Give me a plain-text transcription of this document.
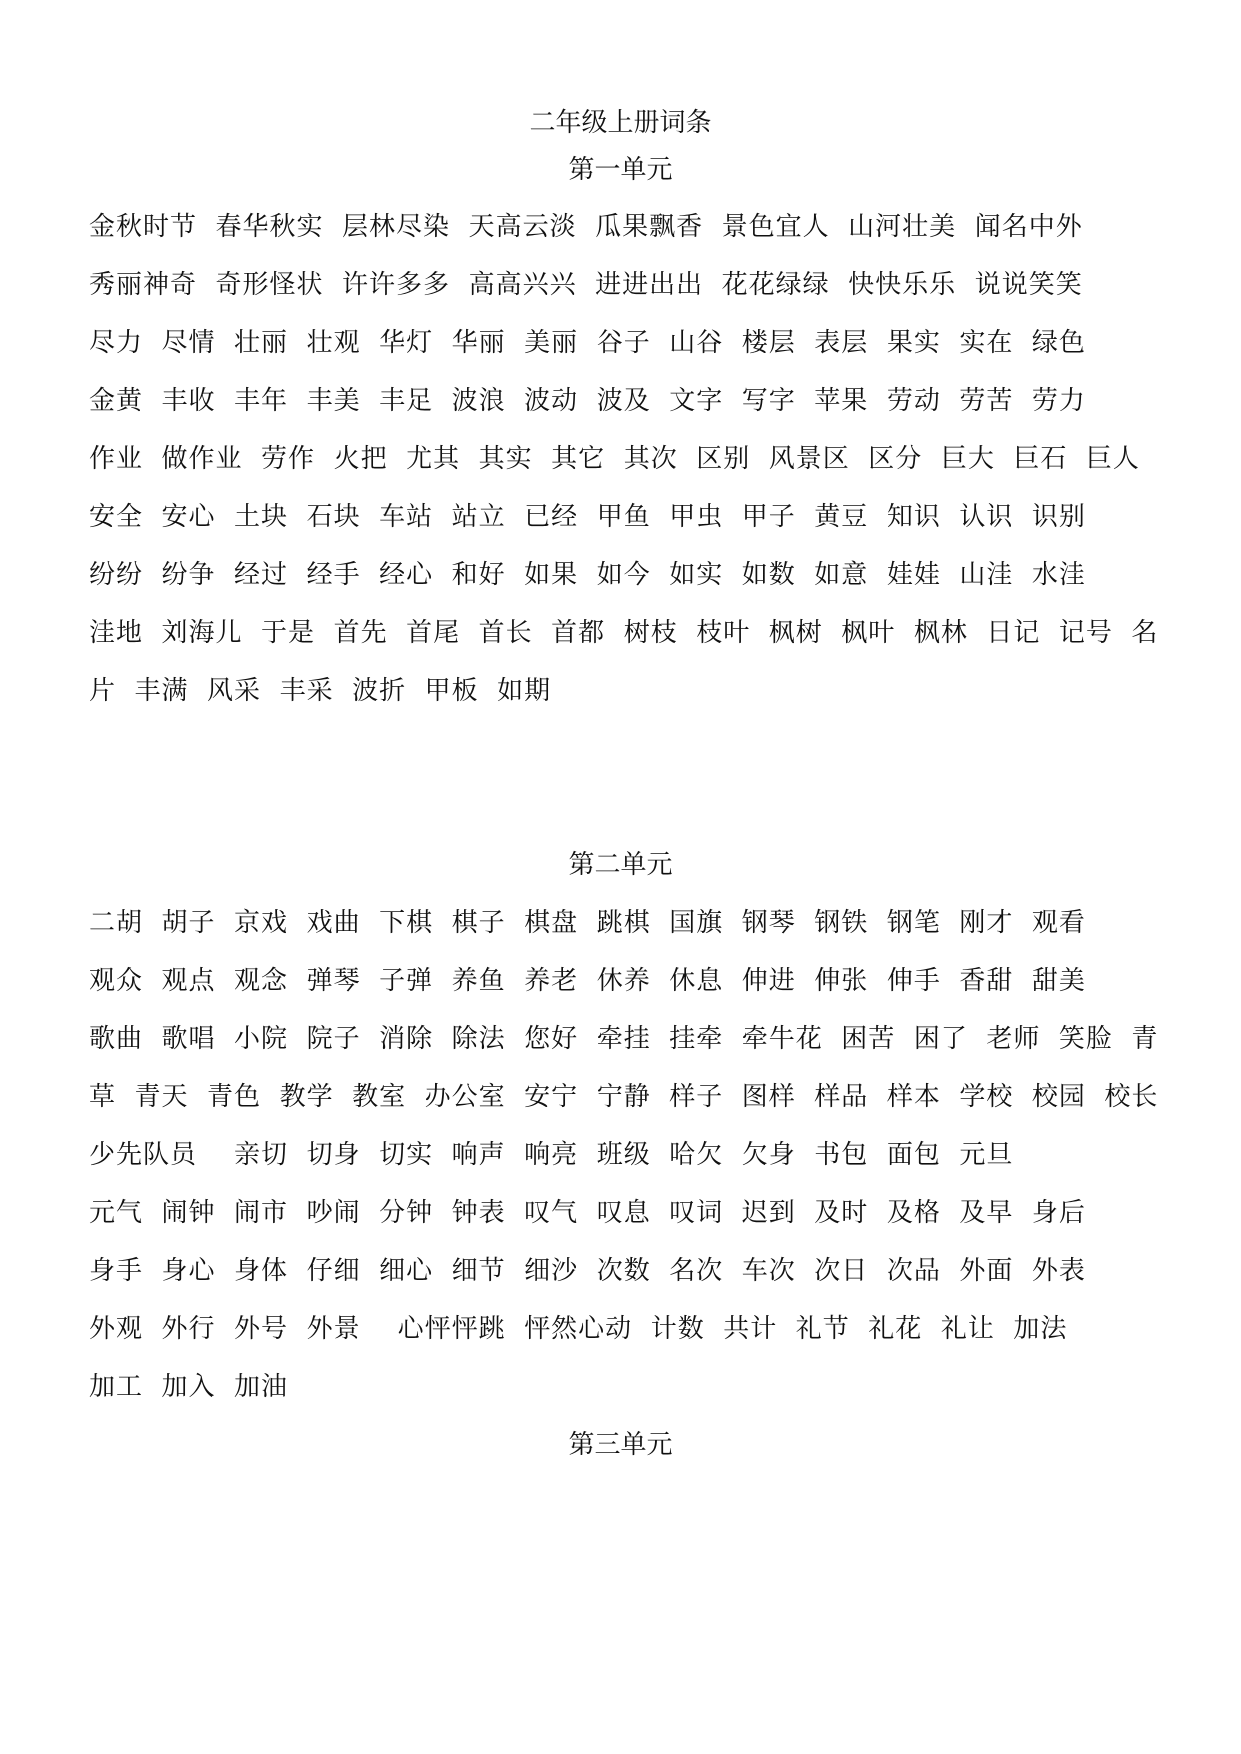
二年级上册词条
第一单元
金秋时节  春华秋实  层林尽染  天高云淡  瓜果飘香  景色宜人  山河壮美  闻名中外
秀丽神奇  奇形怪状  许许多多  高高兴兴  进进出出  花花绿绿  快快乐乐  说说笑笑
尽力  尽情  壮丽  壮观  华灯  华丽  美丽  谷子  山谷  楼层  表层  果实  实在  绿色
金黄  丰收  丰年  丰美  丰足  波浪  波动  波及  文字  写字  苹果  劳动  劳苦  劳力
作业  做作业  劳作  火把  尤其  其实  其它  其次  区别  风景区  区分  巨大  巨石  巨人
安全  安心  土块  石块  车站  站立  已经  甲鱼  甲虫  甲子  黄豆  知识  认识  识别
纷纷  纷争  经过  经手  经心  和好  如果  如今  如实  如数  如意  娃娃  山洼  水洼
洼地  刘海儿  于是  首先  首尾  首长  首都  树枝  枝叶  枫树  枫叶  枫林  日记  记号  名
片  丰满  风采  丰采  波折  甲板  如期
第二单元
二胡  胡子  京戏  戏曲  下棋  棋子  棋盘  跳棋  国旗  钢琴  钢铁  钢笔  刚才  观看
观众  观点  观念  弹琴  子弹  养鱼  养老  休养  休息  伸进  伸张  伸手  香甜  甜美
歌曲  歌唱  小院  院子  消除  除法  您好  牵挂  挂牵  牵牛花  困苦  困了  老师  笑脸  青
草  青天  青色  教学  教室  办公室  安宁  宁静  样子  图样  样品  样本  学校  校园  校长
少先队员    亲切  切身  切实  响声  响亮  班级  哈欠  欠身  书包  面包  元旦
元气  闹钟  闹市  吵闹  分钟  钟表  叹气  叹息  叹词  迟到  及时  及格  及早  身后
身手  身心  身体  仔细  细心  细节  细沙  次数  名次  车次  次日  次品  外面  外表
外观  外行  外号  外景    心怦怦跳  怦然心动  计数  共计  礼节  礼花  礼让  加法
加工  加入  加油
第三单元
